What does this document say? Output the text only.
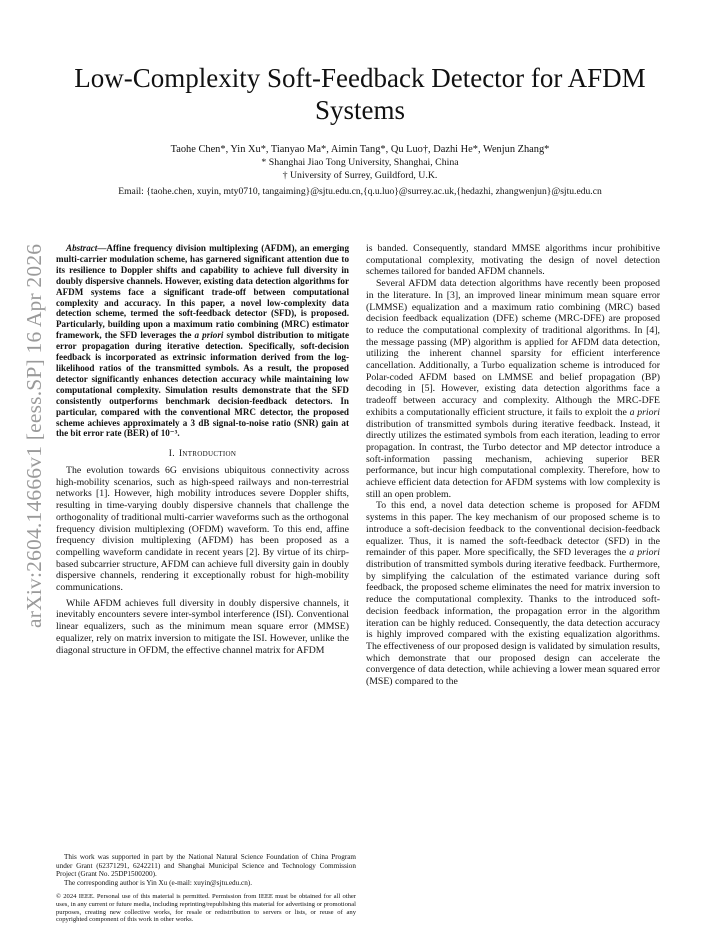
arXiv:2604.14666v1 [eess.SP] 16 Apr 2026
Low-Complexity Soft-Feedback Detector for AFDM Systems
Taohe Chen*, Yin Xu*, Tianyao Ma*, Aimin Tang*, Qu Luo†, Dazhi He*, Wenjun Zhang*
* Shanghai Jiao Tong University, Shanghai, China
† University of Surrey, Guildford, U.K.
Email: {taohe.chen, xuyin, mty0710, tangaiming}@sjtu.edu.cn,{q.u.luo}@surrey.ac.uk,{hedazhi, zhangwenjun}@sjtu.edu.cn

Abstract—Affine frequency division multiplexing (AFDM), an emerging multi-carrier modulation scheme, has garnered significant attention due to its resilience to Doppler shifts and capability to achieve full diversity in doubly dispersive channels. However, existing data detection algorithms for AFDM systems face a significant trade-off between computational complexity and accuracy. In this paper, a novel low-complexity data detection scheme, termed the soft-feedback detector (SFD), is proposed. Particularly, building upon a maximum ratio combining (MRC) estimator framework, the SFD leverages the a priori symbol distribution to mitigate error propagation during iterative detection. Specifically, soft-decision feedback is incorporated as extrinsic information derived from the log-likelihood ratios of the transmitted symbols. As a result, the proposed detector significantly enhances detection accuracy while maintaining low computational complexity. Simulation results demonstrate that the SFD consistently outperforms benchmark decision-feedback detectors. In particular, compared with the conventional MRC detector, the proposed scheme achieves approximately a 3 dB signal-to-noise ratio (SNR) gain at the bit error rate (BER) of 10⁻³.

I. Introduction

The evolution towards 6G envisions ubiquitous connectivity across high-mobility scenarios, such as high-speed railways and non-terrestrial networks [1]. However, high mobility introduces severe Doppler shifts, resulting in time-varying doubly dispersive channels that challenge the orthogonality of traditional multi-carrier waveforms such as the orthogonal frequency division multiplexing (OFDM) waveform. To this end, affine frequency division multiplexing (AFDM) has been proposed as a compelling waveform candidate in recent years [2]. By virtue of its chirp-based subcarrier structure, AFDM can achieve full diversity gain in doubly dispersive channels, rendering it exceptionally robust for high-mobility communications.

While AFDM achieves full diversity in doubly dispersive channels, it inevitably encounters severe inter-symbol interference (ISI). Conventional linear equalizers, such as the minimum mean square error (MMSE) equalizer, rely on matrix inversion to mitigate the ISI. However, unlike the diagonal structure in OFDM, the effective channel matrix for AFDM

is banded. Consequently, standard MMSE algorithms incur prohibitive computational complexity, motivating the design of novel detection schemes tailored for banded AFDM channels.

Several AFDM data detection algorithms have recently been proposed in the literature. In [3], an improved linear minimum mean square error (LMMSE) equalization and a maximum ratio combining (MRC) based decision feedback equalization (DFE) scheme (MRC-DFE) are proposed to reduce the computational complexity of traditional algorithms. In [4], the message passing (MP) algorithm is applied for AFDM data detection, utilizing the inherent channel sparsity for efficient interference cancellation. Additionally, a Turbo equalization scheme is introduced for Polar-coded AFDM based on LMMSE and belief propagation (BP) decoding in [5]. However, existing data detection algorithms face a tradeoff between accuracy and complexity. Although the MRC-DFE exhibits a computationally efficient structure, it fails to exploit the a priori distribution of transmitted symbols during iterative feedback. Instead, it directly utilizes the estimated symbols from each iteration, leading to error propagation. In contrast, the Turbo detector and MP detector introduce a soft-information passing mechanism, achieving superior BER performance, but incur high computational complexity. Therefore, how to achieve efficient data detection for AFDM systems with low complexity is still an open problem.

To this end, a novel data detection scheme is proposed for AFDM systems in this paper. The key mechanism of our proposed scheme is to introduce a soft-decision feedback to the conventional decision-feedback equalizer. Thus, it is named the soft-feedback detector (SFD) in the remainder of this paper. More specifically, the SFD leverages the a priori distribution of transmitted symbols during iterative feedback. Furthermore, by simplifying the calculation of the estimated variance during soft feedback, the proposed scheme eliminates the need for matrix inversion to reduce the computational complexity. Thanks to the introduced soft-decision feedback information, the propagation error in the algorithm iteration can be highly reduced. Consequently, the data detection accuracy is highly improved compared with the existing equalization algorithms. The effectiveness of our proposed design is validated by simulation results, which demonstrate that our proposed design can accelerate the convergence of data detection, while achieving a lower mean squared error (MSE) compared to the

This work was supported in part by the National Natural Science Foundation of China Program under Grant (62371291, 6242211) and Shanghai Municipal Science and Technology Commission Project (Grant No. 25DP1500200).

The corresponding author is Yin Xu (e-mail: xuyin@sjtu.edu.cn).

© 2024 IEEE. Personal use of this material is permitted. Permission from IEEE must be obtained for all other uses, in any current or future media, including reprinting/republishing this material for advertising or promotional purposes, creating new collective works, for resale or redistribution to servers or lists, or reuse of any copyrighted component of this work in other works.
